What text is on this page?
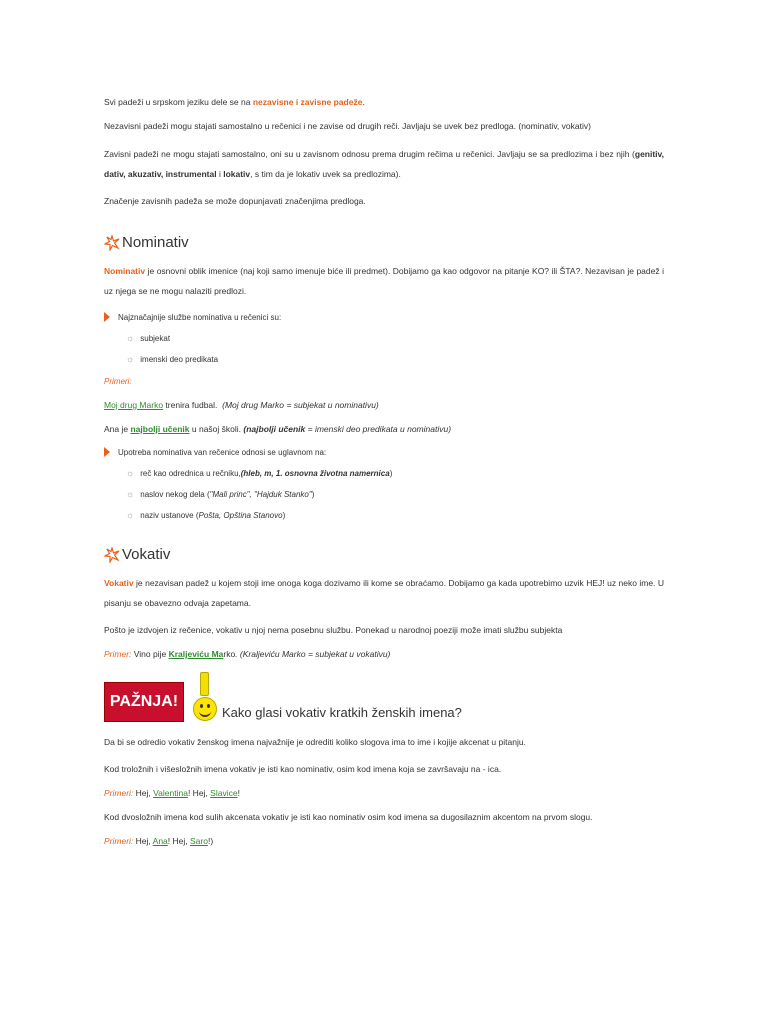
Svi padeži u srpskom jeziku dele se na nezavisne i zavisne padeže.

Nezavisni padeži mogu stajati samostalno u rečenici i ne zavise od drugih reči. Javljaju se uvek bez predloga. (nominativ, vokativ)

Zavisni padeži ne mogu stajati samostalno, oni su u zavisnom odnosu prema drugim rečima u rečenici. Javljaju se sa predlozima i bez njih (genitiv, dativ, akuzativ, instrumental i lokativ, s tim da je lokativ uvek sa predlozima).

Značenje zavisnih padeža se može dopunjavati značenjima predloga.

Nominativ

Nominativ je osnovni oblik imenice (naj koji samo imenuje biće ili predmet). Dobijamo ga kao odgovor na pitanje KO? ili ŠTA?. Nezavisan je padež i uz njega se ne mogu nalaziti predlozi.

Najznačajnije službe nominativa u rečenici su:
☼ subjekat
☼ imenski deo predikata

Primeri:

Moj drug Marko trenira fudbal. (Moj drug Marko = subjekat u nominativu)

Ana je najbolji učenik u našoj školi. (najbolji učenik = imenski deo predikata u nominativu)

Upotreba nominativa van rečenice odnosi se uglavnom na:
☼ reč kao odrednica u rečniku, (hleb, m, 1. osnovna životna namernica )
☼ naslov nekog dela ( "Mali princ", "Hajduk Stanko" )
☼ naziv ustanove ( Pošta, Opština Stanovo )
Vokativ

Vokativ je nezavisan padež u kojem stoji ime onoga koga dozivamo ili kome se obraćamo. Dobijamo ga kada upotrebimo uzvik HEJ! uz neko ime. U pisanju se obavezno odvaja zapetama.

Pošto je izdvojen iz rečenice, vokativ u njoj nema posebnu službu. Ponekad u narodnoj poeziji može imati službu subjekta

Primer: Vino pije Kraljeviću Marko. (Kraljeviću Marko = subjekat u vokativu)

PAŽNJA!
Kako glasi vokativ kratkih ženskih imena?

Da bi se odredio vokativ ženskog imena najvažnije je odrediti koliko slogova ima to ime i kojije akcenat u pitanju.

Kod troložnih i višesložnih imena vokativ je isti kao nominativ, osim kod imena koja se završavaju na - ica.

Primeri: Hej, Valentina! Hej, Slavice!

Kod dvosložnih imena kod sulih akcenata vokativ je isti kao nominativ osim kod imena sa dugosilaznim akcentom na prvom slogu.

Primeri: Hej, Ana! Hej, Saro!)
